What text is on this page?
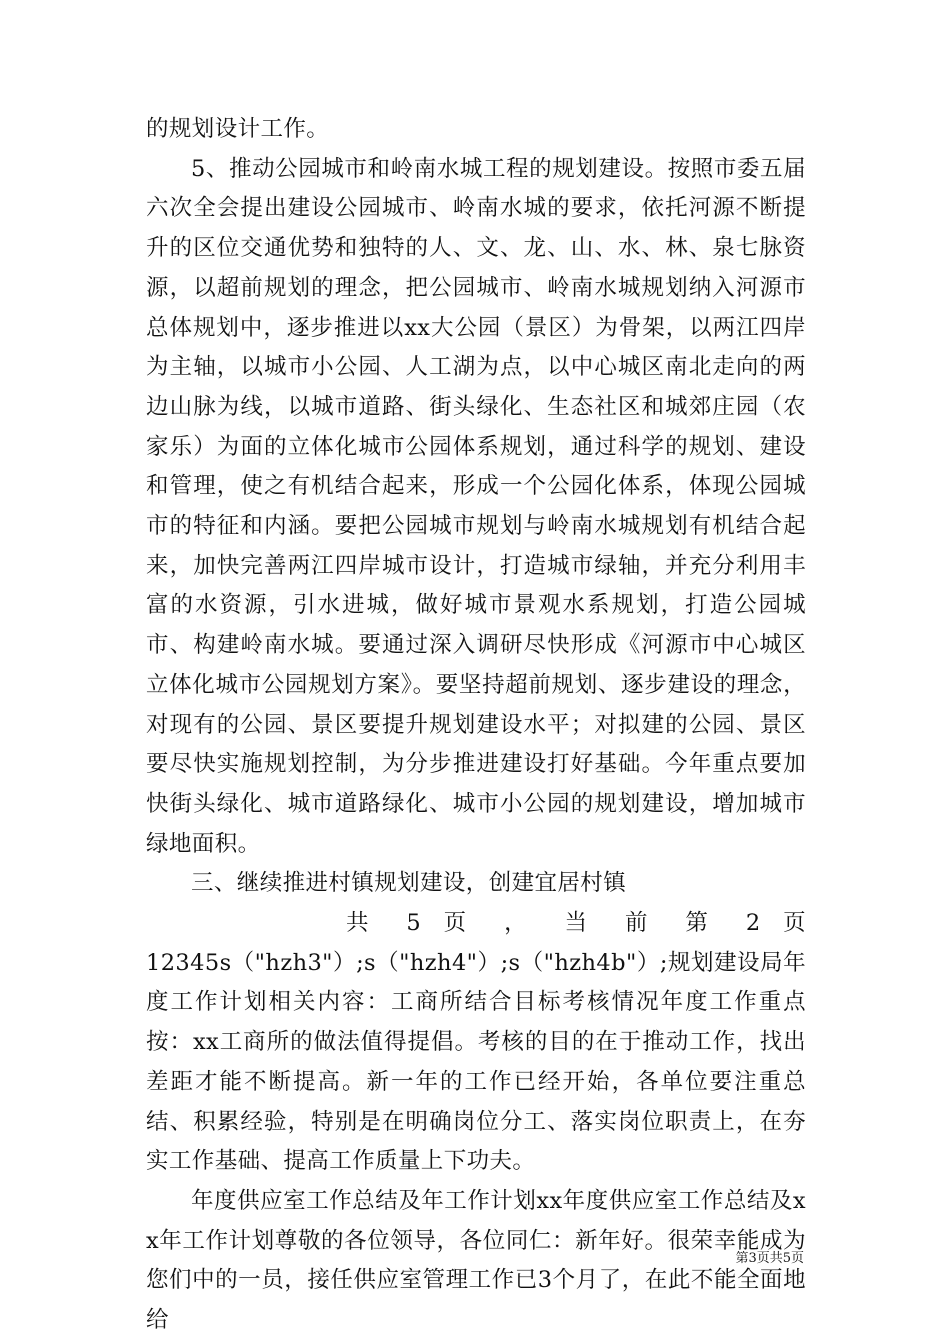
的规划设计工作。

5、推动公园城市和岭南水城工程的规划建设。按照市委五届六次全会提出建设公园城市、岭南水城的要求，依托河源不断提升的区位交通优势和独特的人、文、龙、山、水、林、泉七脉资源，以超前规划的理念，把公园城市、岭南水城规划纳入河源市总体规划中，逐步推进以xx大公园（景区）为骨架，以两江四岸为主轴，以城市小公园、人工湖为点，以中心城区南北走向的两边山脉为线，以城市道路、街头绿化、生态社区和城郊庄园（农家乐）为面的立体化城市公园体系规划，通过科学的规划、建设和管理，使之有机结合起来，形成一个公园化体系，体现公园城市的特征和内涵。要把公园城市规划与岭南水城规划有机结合起来，加快完善两江四岸城市设计，打造城市绿轴，并充分利用丰富的水资源，引水进城，做好城市景观水系规划，打造公园城市、构建岭南水城。要通过深入调研尽快形成《河源市中心城区立体化城市公园规划方案》。要坚持超前规划、逐步建设的理念，对现有的公园、景区要提升规划建设水平；对拟建的公园、景区要尽快实施规划控制，为分步推进建设打好基础。今年重点要加快街头绿化、城市道路绿化、城市小公园的规划建设，增加城市绿地面积。

三、继续推进村镇规划建设，创建宜居村镇

共 5 页 ， 当 前 第 2 页

12345s（"hzh3"）;s（"hzh4"）;s（"hzh4b"）;规划建设局年度工作计划相关内容：工商所结合目标考核情况年度工作重点按：xx工商所的做法值得提倡。考核的目的在于推动工作，找出差距才能不断提高。新一年的工作已经开始，各单位要注重总结、积累经验，特别是在明确岗位分工、落实岗位职责上，在夯实工作基础、提高工作质量上下功夫。

年度供应室工作总结及年工作计划xx年度供应室工作总结及xx年工作计划尊敬的各位领导，各位同仁：新年好。很荣幸能成为您们中的一员，接任供应室管理工作已3个月了，在此不能全面地给

第3页共5页
